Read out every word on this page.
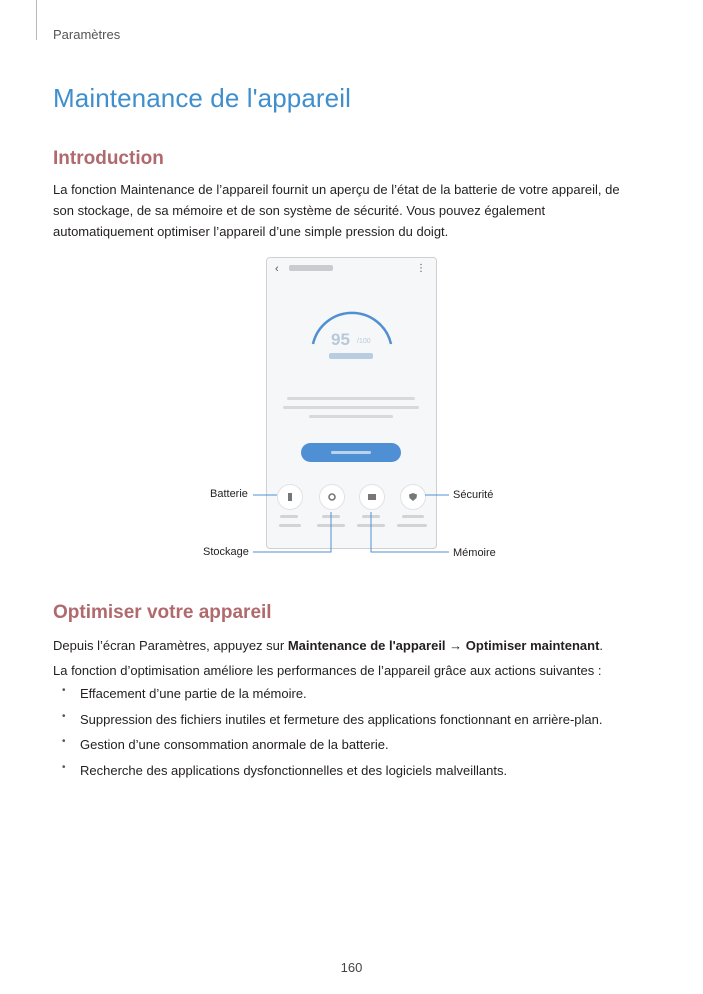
Paramètres
Maintenance de l'appareil
Introduction

La fonction Maintenance de l’appareil fournit un aperçu de l’état de la batterie de votre appareil, de son stockage, de sa mémoire et de son système de sécurité. Vous pouvez également automatiquement optimiser l’appareil d’une simple pression du doigt.

‹	⋮
95 /100
Batterie	Sécurité
Stockage	Mémoire
Optimiser votre appareil

Depuis l’écran Paramètres, appuyez sur Maintenance de l'appareil → Optimiser maintenant.

La fonction d’optimisation améliore les performances de l’appareil grâce aux actions suivantes :

• Effacement d’une partie de la mémoire.
• Suppression des fichiers inutiles et fermeture des applications fonctionnant en arrière-plan.
• Gestion d’une consommation anormale de la batterie.
• Recherche des applications dysfonctionnelles et des logiciels malveillants.
160
